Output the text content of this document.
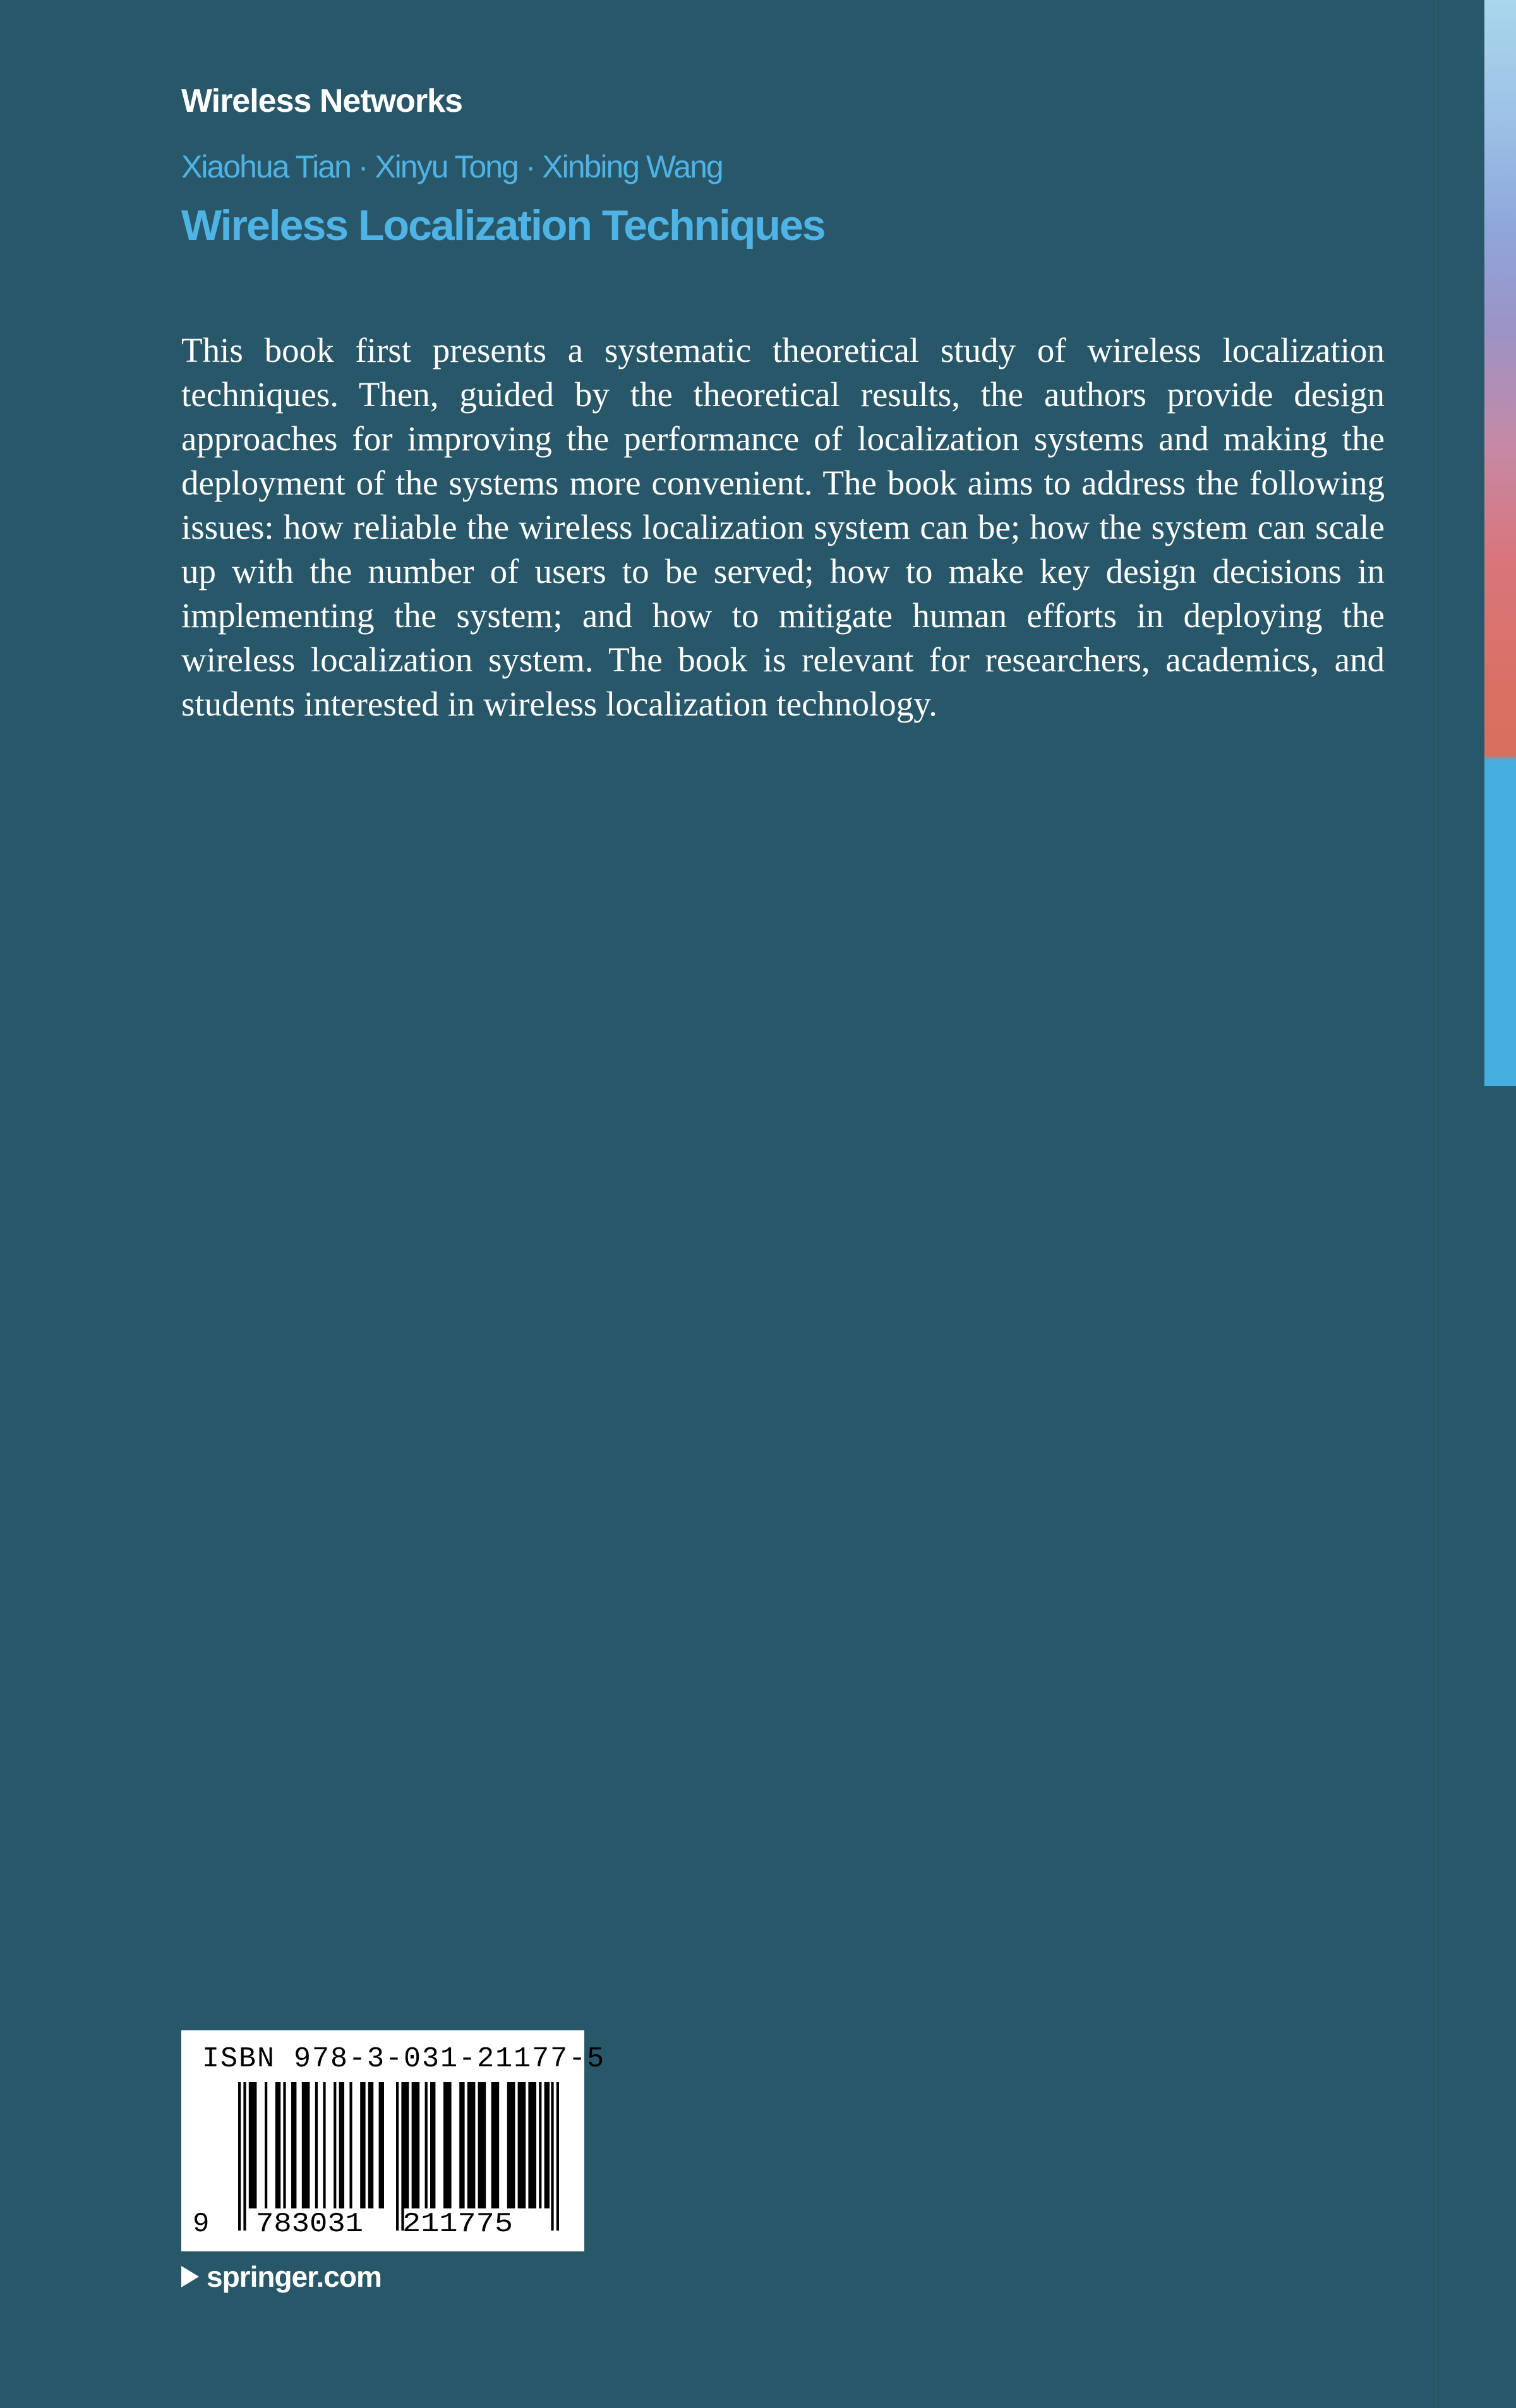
Wireless Networks
Xiaohua Tian · Xinyu Tong · Xinbing Wang
Wireless Localization Techniques

This book first presents a systematic theoretical study of wireless localization techniques. Then, guided by the theoretical results, the authors provide design approaches for improving the performance of localization systems and making the deployment of the systems more convenient. The book aims to address the following issues: how reliable the wireless localization system can be; how the system can scale up with the number of users to be served; how to make key design decisions in implementing the system; and how to mitigate human efforts in deploying the wireless localization system. The book is relevant for researchers, academics, and students interested in wireless localization technology.

ISBN 978-3-031-21177-5
9 783031 211775
springer.com
